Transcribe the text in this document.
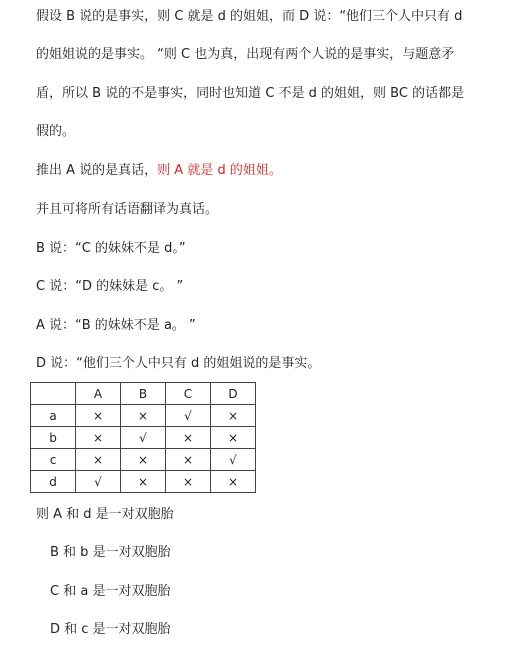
假设 B 说的是事实，则 C 就是 d 的姐姐，而 D 说：“他们三个人中只有 d
的姐姐说的是事实。 “则 C 也为真，出现有两个人说的是事实，与题意矛
盾，所以 B 说的不是事实，同时也知道 C 不是 d 的姐姐，则 BC 的话都是
假的。
推出 A 说的是真话，则 A 就是 d 的姐姐。
并且可将所有话语翻译为真话。
B 说：“C 的妹妹不是 d。”
C 说：“D 的妹妹是 c。 ”
A 说：“B 的妹妹不是 a。 ”
D 说：“他们三个人中只有 d 的姐姐说的是事实。
	A	B	C	D
a	×	×	√	×
b	×	√	×	×
c	×	×	×	√
d	√	×	×	×
则 A 和 d 是一对双胞胎
B 和 b 是一对双胞胎
C 和 a 是一对双胞胎
D 和 c 是一对双胞胎
